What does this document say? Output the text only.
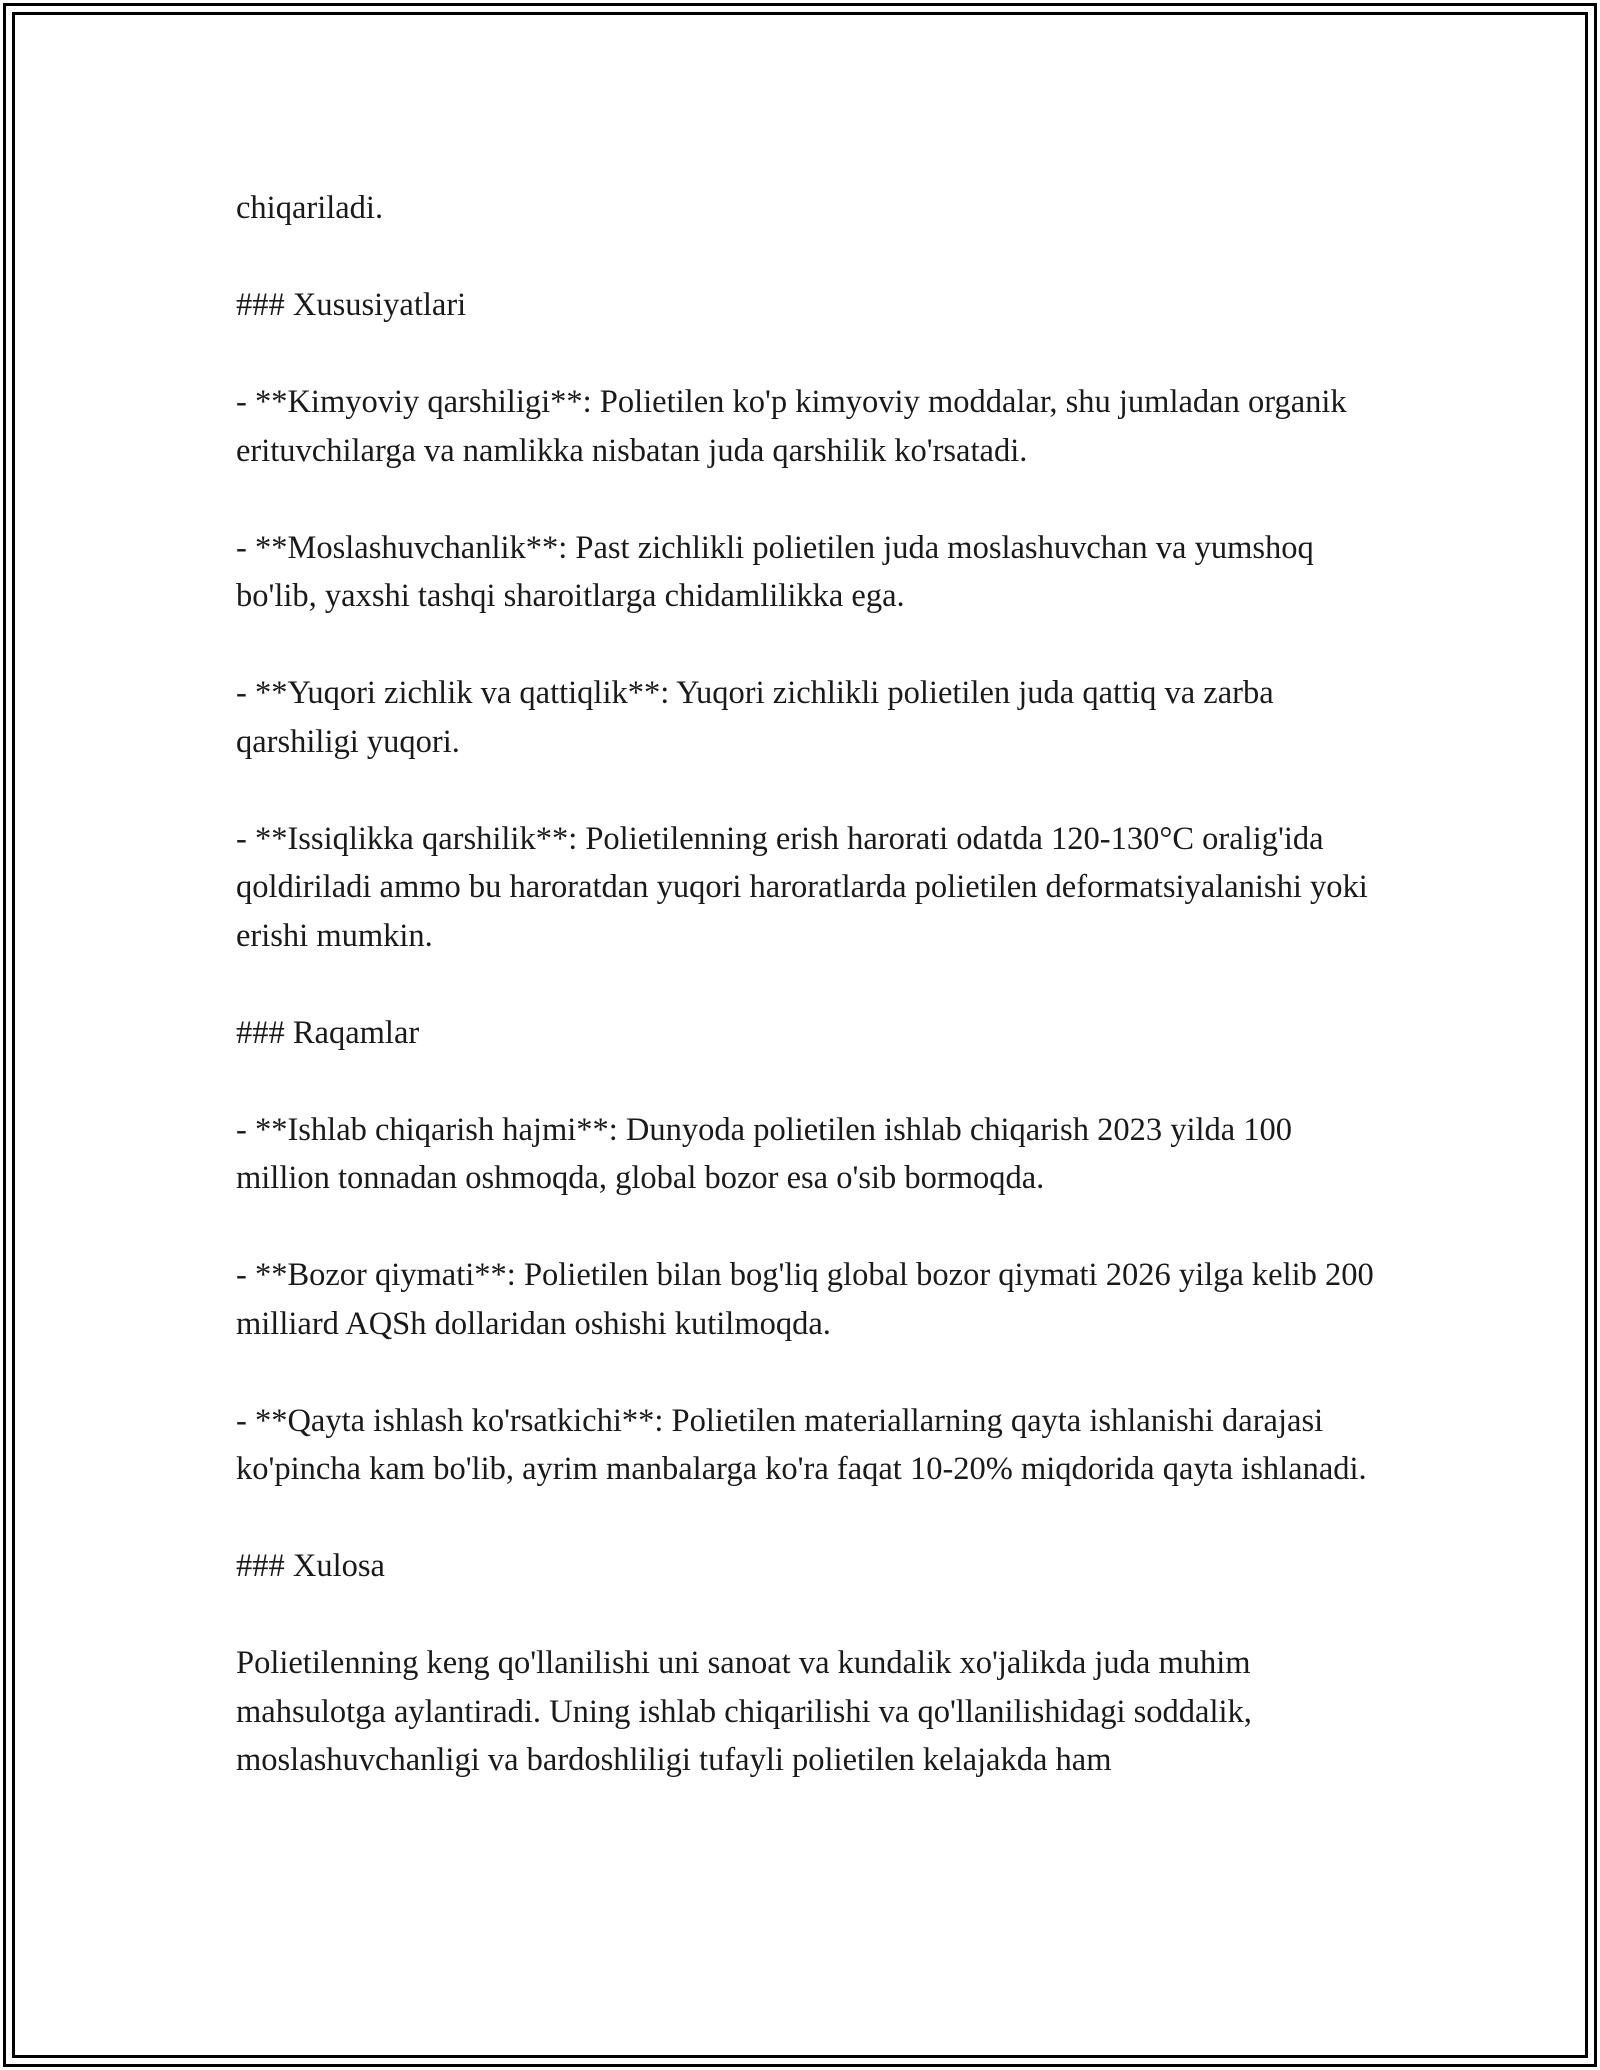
chiqariladi.

### Xususiyatlari

- **Kimyoviy qarshiligi**: Polietilen ko'p kimyoviy moddalar, shu jumladan organik erituvchilarga va namlikka nisbatan juda qarshilik ko'rsatadi.

- **Moslashuvchanlik**: Past zichlikli polietilen juda moslashuvchan va yumshoq bo'lib, yaxshi tashqi sharoitlarga chidamlilikka ega.

- **Yuqori zichlik va qattiqlik**: Yuqori zichlikli polietilen juda qattiq va zarba qarshiligi yuqori.

- **Issiqlikka qarshilik**: Polietilenning erish harorati odatda 120-130°C oralig'ida qoldiriladi ammo bu haroratdan yuqori haroratlarda polietilen deformatsiyalanishi yoki erishi mumkin.

### Raqamlar

- **Ishlab chiqarish hajmi**: Dunyoda polietilen ishlab chiqarish 2023 yilda 100 million tonnadan oshmoqda, global bozor esa o'sib bormoqda.

- **Bozor qiymati**: Polietilen bilan bog'liq global bozor qiymati 2026 yilga kelib 200 milliard AQSh dollaridan oshishi kutilmoqda.

- **Qayta ishlash ko'rsatkichi**: Polietilen materiallarning qayta ishlanishi darajasi ko'pincha kam bo'lib, ayrim manbalarga ko'ra faqat 10-20% miqdorida qayta ishlanadi.

### Xulosa

Polietilenning keng qo'llanilishi uni sanoat va kundalik xo'jalikda juda muhim mahsulotga aylantiradi. Uning ishlab chiqarilishi va qo'llanilishidagi soddalik, moslashuvchanligi va bardoshliligi tufayli polietilen kelajakda ham
